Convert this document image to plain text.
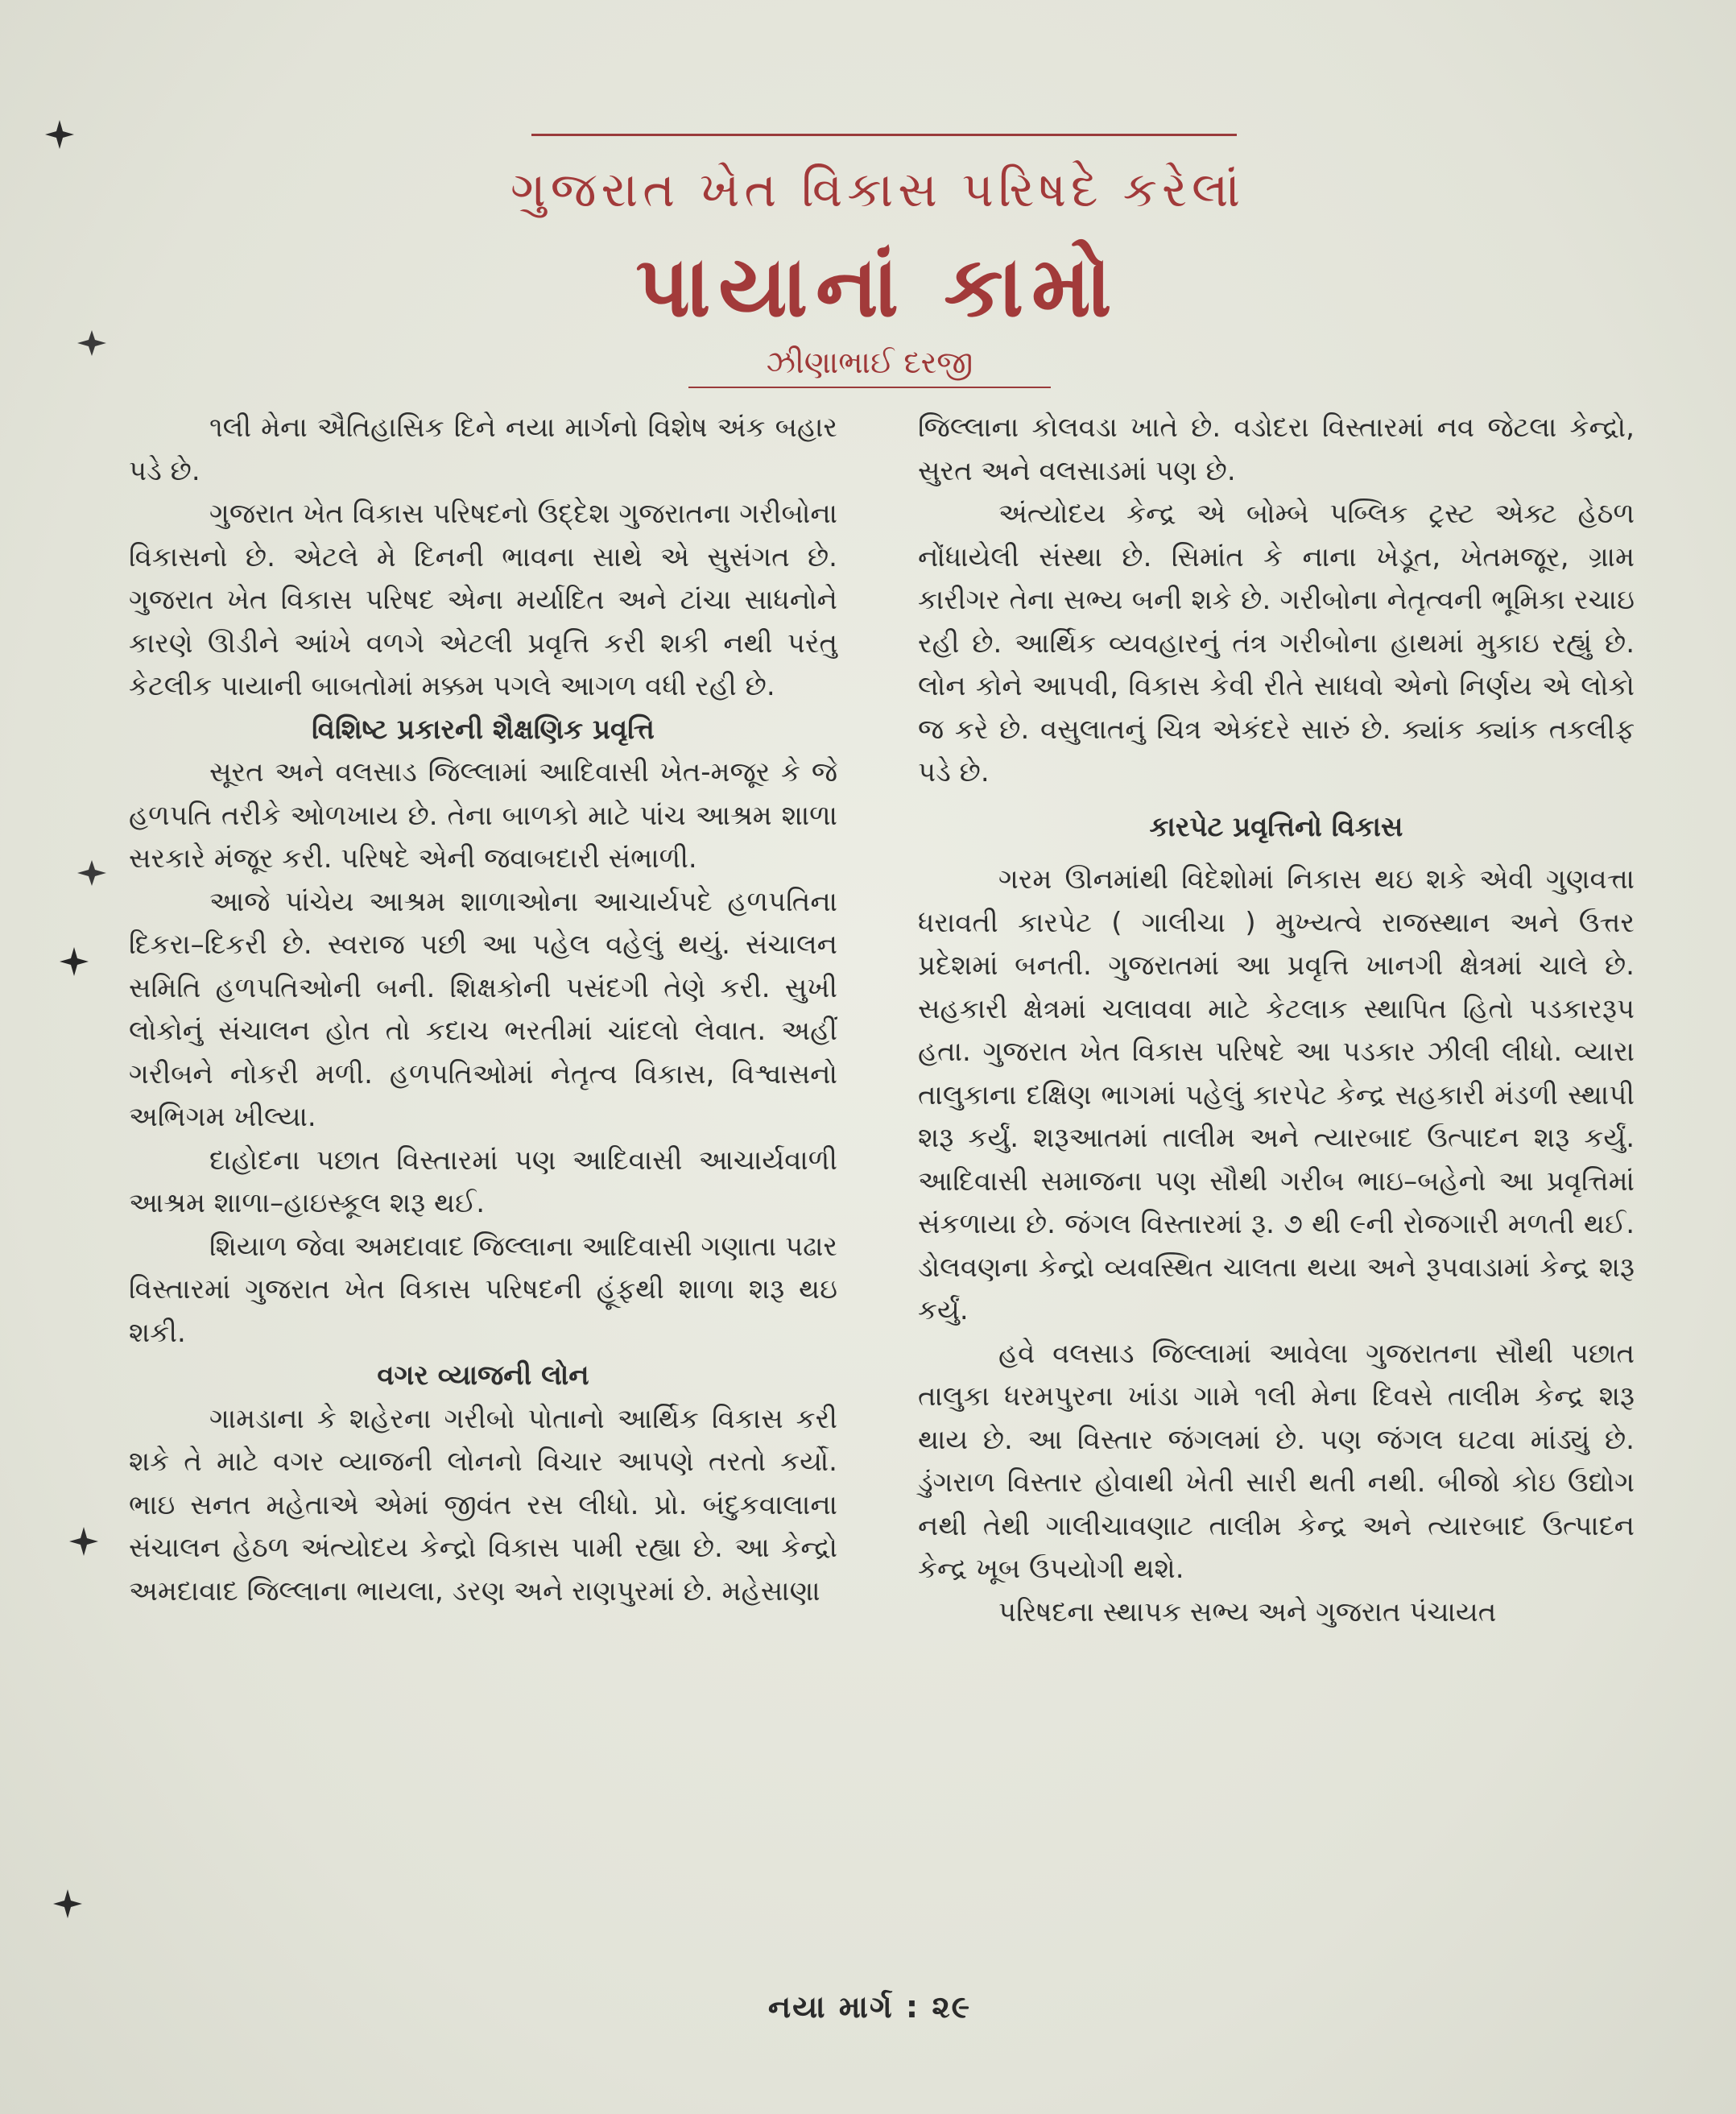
ગુજરાત ખેત વિકાસ પરિષદે કરેલાં
પાયાનાં કામો
ઝીણાભાઈ દરજી

૧લી મેના ઐતિહાસિક દિને નયા માર્ગનો વિશેષ અંક બહાર પડે છે.

ગુજરાત ખેત વિકાસ પરિષદનો ઉદ્દેશ ગુજરાતના ગરીબોના વિકાસનો છે. એટલે મે દિનની ભાવના સાથે એ સુસંગત છે. ગુજરાત ખેત વિકાસ પરિષદ એના મર્યાદિત અને ટાંચા સાધનોને કારણે ઊડીને આંખે વળગે એટલી પ્રવૃત્તિ કરી શકી નથી પરંતુ કેટલીક પાયાની બાબતોમાં મક્કમ પગલે આગળ વધી રહી છે.

વિશિષ્ટ પ્રકારની શૈક્ષણિક પ્રવૃત્તિ

સૂરત અને વલસાડ જિલ્લામાં આદિવાસી ખેત-મજૂર કે જે હળપતિ તરીકે ઓળખાય છે. તેના બાળકો માટે પાંચ આશ્રમ શાળા સરકારે મંજૂર કરી. પરિષદે એની જવાબદારી સંભાળી.

આજે પાંચેય આશ્રમ શાળાઓના આચાર્યપદે હળપતિના દિકરા–દિકરી છે. સ્વરાજ પછી આ પહેલ વહેલું થયું. સંચાલન સમિતિ હળપતિઓની બની. શિક્ષકોની પસંદગી તેણે કરી. સુખી લોકોનું સંચાલન હોત તો કદાચ ભરતીમાં ચાંદલો લેવાત. અહીં ગરીબને નોકરી મળી. હળપતિઓમાં નેતૃત્વ વિકાસ, વિશ્વાસનો અભિગમ ખીલ્યા.

દાહોદના પછાત વિસ્તારમાં પણ આદિવાસી આચાર્યવાળી આશ્રમ શાળા–હાઇસ્કૂલ શરૂ થઈ.

શિયાળ જેવા અમદાવાદ જિલ્લાના આદિવાસી ગણાતા પઢાર વિસ્તારમાં ગુજરાત ખેત વિકાસ પરિષદની હૂંફથી શાળા શરૂ થઇ શકી.

વગર વ્યાજની લોન

ગામડાના કે શહેરના ગરીબો પોતાનો આર્થિક વિકાસ કરી શકે તે માટે વગર વ્યાજની લોનનો વિચાર આપણે તરતો કર્યો. ભાઇ સનત મહેતાએ એમાં જીવંત રસ લીધો. પ્રો. બંદુકવાલાના સંચાલન હેઠળ અંત્યોદય કેન્દ્રો વિકાસ પામી રહ્યા છે. આ કેન્દ્રો અમદાવાદ જિલ્લાના ભાયલા, ડરણ અને રાણપુરમાં છે. મહેસાણા

જિલ્લાના કોલવડા ખાતે છે. વડોદરા વિસ્તારમાં નવ જેટલા કેન્દ્રો, સુરત અને વલસાડમાં પણ છે.

અંત્યોદય કેન્દ્ર એ બોમ્બે પબ્લિક ટ્રસ્ટ એક્ટ હેઠળ નોંધાયેલી સંસ્થા છે. સિમાંત કે નાના ખેડૂત, ખેતમજૂર, ગ્રામ કારીગર તેના સભ્ય બની શકે છે. ગરીબોના નેતૃત્વની ભૂમિકા રચાઇ રહી છે. આર્થિક વ્યવહારનું તંત્ર ગરીબોના હાથમાં મુકાઇ રહ્યું છે. લોન કોને આપવી, વિકાસ કેવી રીતે સાધવો એનો નિર્ણય એ લોકો જ કરે છે. વસુલાતનું ચિત્ર એકંદરે સારું છે. ક્યાંક ક્યાંક તકલીફ પડે છે.

કારપેટ પ્રવૃત્તિનો વિકાસ

ગરમ ઊનમાંથી વિદેશોમાં નિકાસ થઇ શકે એવી ગુણવત્તા ધરાવતી કારપેટ ( ગાલીચા ) મુખ્યત્વે રાજસ્થાન અને ઉત્તર પ્રદેશમાં બનતી. ગુજરાતમાં આ પ્રવૃત્તિ ખાનગી ક્ષેત્રમાં ચાલે છે. સહકારી ક્ષેત્રમાં ચલાવવા માટે કેટલાક સ્થાપિત હિતો પડકારરૂપ હતા. ગુજરાત ખેત વિકાસ પરિષદે આ પડકાર ઝીલી લીધો. વ્યારા તાલુકાના દક્ષિણ ભાગમાં પહેલું કારપેટ કેન્દ્ર સહકારી મંડળી સ્થાપી શરૂ કર્યું. શરૂઆતમાં તાલીમ અને ત્યારબાદ ઉત્પાદન શરૂ કર્યું. આદિવાસી સમાજના પણ સૌથી ગરીબ ભાઇ–બહેનો આ પ્રવૃત્તિમાં સંકળાયા છે. જંગલ વિસ્તારમાં રૂ. ૭ થી ૯ની રોજગારી મળતી થઈ. ડોલવણના કેન્દ્રો વ્યવસ્થિત ચાલતા થયા અને રૂપવાડામાં કેન્દ્ર શરૂ કર્યું.

હવે વલસાડ જિલ્લામાં આવેલા ગુજરાતના સૌથી પછાત તાલુકા ધરમપુરના ખાંડા ગામે ૧લી મેના દિવસે તાલીમ કેન્દ્ર શરૂ થાય છે. આ વિસ્તાર જંગલમાં છે. પણ જંગલ ઘટવા માંડ્યું છે. ડુંગરાળ વિસ્તાર હોવાથી ખેતી સારી થતી નથી. બીજો કોઇ ઉદ્યોગ નથી તેથી ગાલીચાવણાટ તાલીમ કેન્દ્ર અને ત્યારબાદ ઉત્પાદન કેન્દ્ર ખૂબ ઉપયોગી થશે.

પરિષદના સ્થાપક સભ્ય અને ગુજરાત પંચાયત

નયા માર્ગ : ૨૯
